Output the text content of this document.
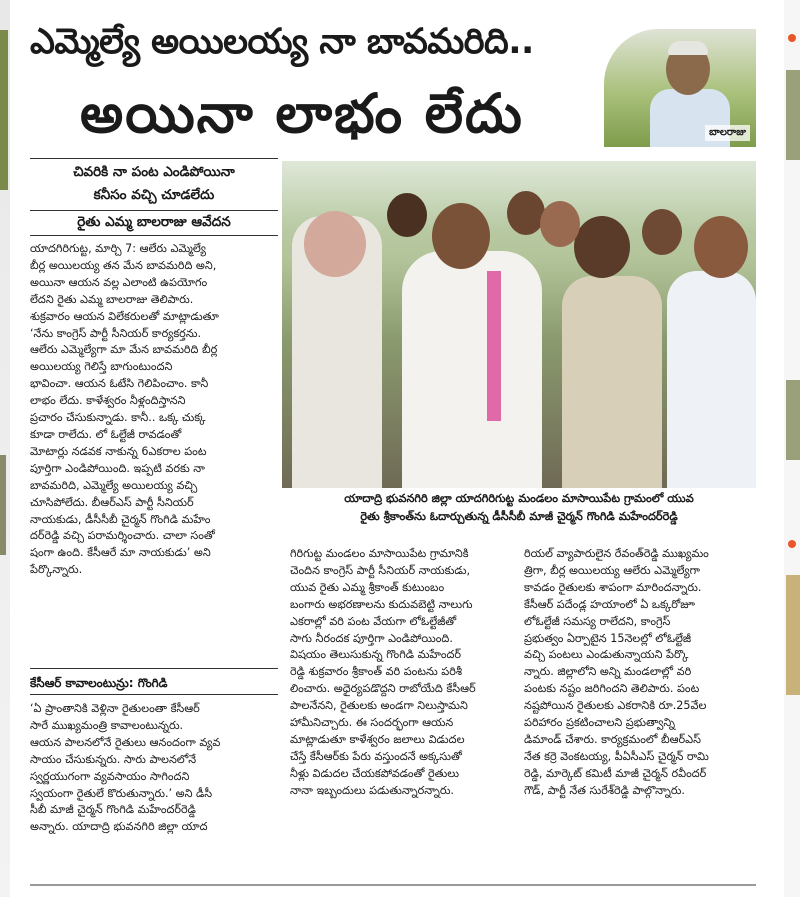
ఎమ్మెల్యే అయిలయ్య నా బావమరిది..
అయినా లాభం లేదు	బాలరాజు
చివరికి నా పంట ఎండిపోయినా
కనీసం వచ్చి చూడలేదు
రైతు ఎమ్మ బాలరాజు ఆవేదన

యాదగిరిగుట్ట, మార్చి 7: ఆలేరు ఎమ్మెల్యే

బీర్ల అయిలయ్య తన మేన బావమరిది అని,

అయినా ఆయన వల్ల ఎలాంటి ఉపయోగం

లేదని రైతు ఎమ్మ బాలరాజు తెలిపారు.

శుక్రవారం ఆయన విలేకరులతో మాట్లాడుతూ

‘నేను కాంగ్రెస్ పార్టీ సీనియర్ కార్యకర్తను.

ఆలేరు ఎమ్మెల్యేగా మా మేన బావమరిది బీర్ల

అయిలయ్య గెలిస్తే బాగుంటుందని

భావించా. ఆయన ఓటేసి గెలిపించాం. కానీ

లాభం లేదు. కాళేశ్వరం నీళ్లందిస్తానని

ప్రచారం చేసుకున్నాడు. కానీ.. ఒక్క చుక్క

కూడా రాలేదు. లో ఓల్టేజీ రావడంతో

మోటార్లు నడవక నాకున్న 6ఎకరాల పంట

పూర్తిగా ఎండిపోయింది. ఇప్పటి వరకు నా

బావమరిది, ఎమ్మెల్యే అయిలయ్య వచ్చి

చూసిపోలేదు. బీఆర్ఎస్ పార్టీ సీనియర్

నాయకుడు, డీసీసీబీ చైర్మన్ గొంగిడి మహేం

దర్‌రెడ్డి వచ్చి పరామర్శించారు. చాలా సంతో

షంగా ఉంది. కేసీఆరే మా నాయకుడు’ అని

పేర్కొన్నారు.

కేసీఆర్ కావాలంటున్రు: గొంగిడి

‘ఏ ప్రాంతానికి వెళ్లినా రైతులంతా కేసీఆర్

సారే ముఖ్యమంత్రి కావాలంటున్నరు.

ఆయన పాలనలోనే రైతులు ఆనందంగా వ్యవ

సాయం చేసుకున్నరు. సారు పాలనలోనే

స్వర్ణయుగంగా వ్యవసాయం సాగిందని

స్వయంగా రైతులే కొరుతున్నారు.’ అని డీసీ

సీబీ మాజీ చైర్మన్ గొంగిడి మహేందర్‌రెడ్డి

అన్నారు. యాదాద్రి భువనగిరి జిల్లా యాద

యాదాద్రి భువనగిరి జిల్లా యాదగిరిగుట్ట మండలం మాసాయిపేట గ్రామంలో యువ
రైతు శ్రీకాంత్‌ను ఓదార్చుతున్న డీసీసీబీ మాజీ చైర్మన్ గొంగిడి మహేందర్‌రెడ్డి

గిరిగుట్ట మండలం మాసాయిపేట గ్రామానికి

చెందిన కాంగ్రెస్ పార్టీ సీనియర్ నాయకుడు,

యువ రైతు ఎమ్మ శ్రీకాంత్ కుటుంబం

బంగారు అభరణాలను కుదువబెట్టి నాలుగు

ఎకరాల్లో వరి పంట వేయగా లోఓల్టేజీతో

సాగు నీరందక పూర్తిగా ఎండిపోయింది.

విషయం తెలుసుకున్న గొంగిడి మహేందర్

రెడ్డి శుక్రవారం శ్రీకాంత్ వరి పంటను పరిశీ

లించారు. అధైర్యపడొద్దని రాబోయేది కేసీఆర్

పాలనేనని, రైతులకు అండగా నిలుస్తామని

హామీనిచ్చారు. ఈ సందర్భంగా ఆయన

మాట్లాడుతూ కాళేశ్వరం జలాలు విడుదల

చేస్తే కేసీఆర్‌కు పేరు వస్తుందనే అక్కసుతో

నీళ్లు విడుదల చేయకపోవడంతో రైతులు

నానా ఇబ్బందులు పడుతున్నారన్నారు.

రియల్ వ్యాపారులైన రేవంత్‌రెడ్డి ముఖ్యమం

త్రిగా, బీర్ల అయిలయ్య ఆలేరు ఎమ్మెల్యేగా

కావడం రైతులకు శాపంగా మారిందన్నారు.

కేసీఆర్ పదేండ్ల హయాంలో ఏ ఒక్కరోజూ

లోఓల్టేజీ సమస్య రాలేదని, కాంగ్రెస్

ప్రభుత్వం ఏర్పాటైన 15నెలల్లో లోఓల్టేజీ

వచ్చి పంటలు ఎండుతున్నాయని పేర్కొ

న్నారు. జిల్లాలోని అన్ని మండలాల్లో వరి

పంటకు నష్టం జరిగిందని తెలిపారు. పంట

నష్టపోయిన రైతులకు ఎకరానికి రూ.25వేల

పరిహారం ప్రకటించాలని ప్రభుత్వాన్ని

డిమాండ్ చేశారు. కార్యక్రమంలో బీఆర్ఎస్

నేత కర్రె వెంకటయ్య, పీఏసీఎస్ చైర్మన్ రామి

రెడ్డి, మార్కెట్ కమిటీ మాజీ చైర్మన్ రవీందర్

గౌడ్, పార్టీ నేత సురేశ్‌రెడ్డి పాల్గొన్నారు.
